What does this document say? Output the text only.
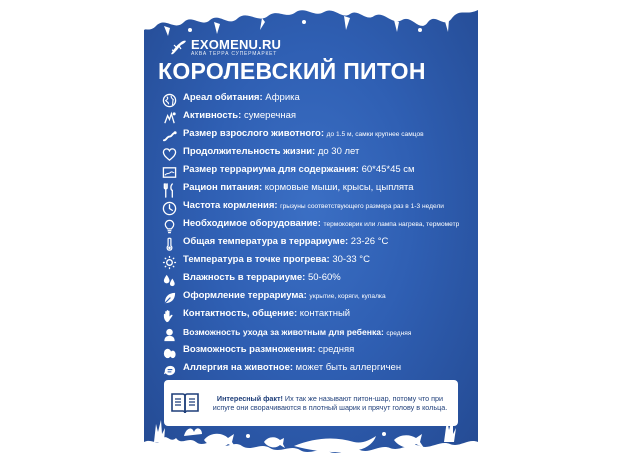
EXOMENU.RU
АКВА ТЕРРА СУПЕРМАРКЕТ
КОРОЛЕВСКИЙ ПИТОН
Ареал обитания: Африка
Активность: сумеречная
Размер взрослого животного: до 1.5 м, самки крупнее самцов
Продолжительность жизни: до 30 лет
Размер террариума для содержания: 60*45*45 см
Рацион питания: кормовые мыши, крысы, цыплята
Частота кормления: грызуны соответствующего размера раз в 1-3 недели
Необходимое оборудование: термоковрик или лампа нагрева, термометр
Общая температура в террариуме: 23-26 °С
Температура в точке прогрева: 30-33 °С
Влажность в террариуме: 50-60%
Оформление террариума: укрытие, коряги, купалка
Контактность, общение: контактный
Возможность ухода за животным для ребенка: средняя
Возможность размножения: средняя
Аллергия на животное: может быть аллергичен
Интересный факт! Их так же называют питон-шар, потому что при испуге они сворачиваются в плотный шарик и прячут голову в кольца.
